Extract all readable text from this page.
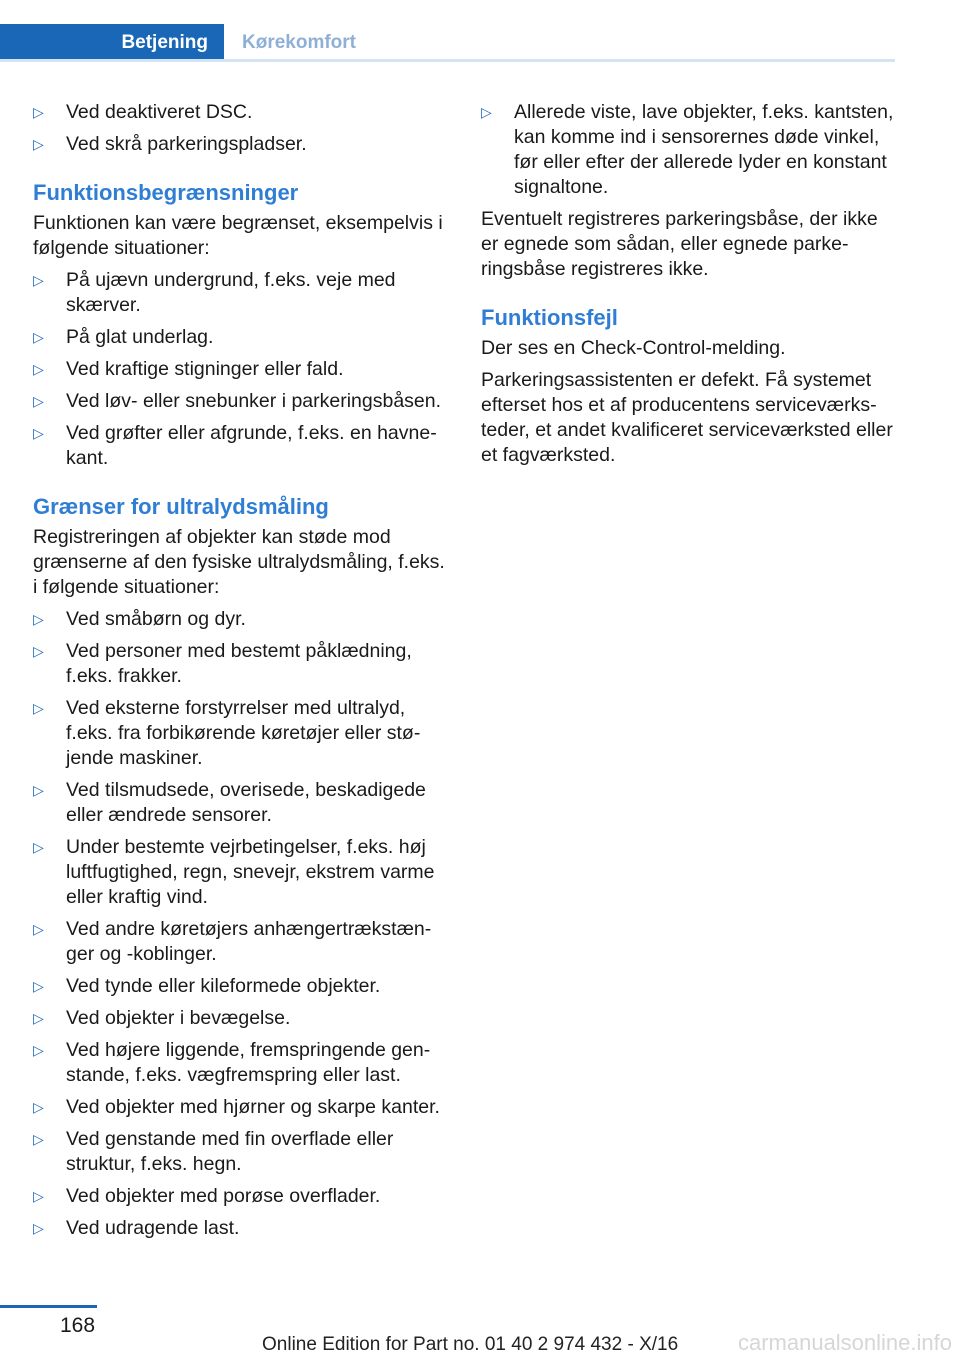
Betjening	Kørekomfort
▷ Ved deaktiveret DSC.
▷ Ved skrå parkeringspladser.
Funktionsbegrænsninger

Funktionen kan være begrænset, eksempelvis i følgende situationer:

▷ På ujævn undergrund, f.eks. veje med skærver.
▷ På glat underlag.
▷ Ved kraftige stigninger eller fald.
▷ Ved løv- eller snebunker i parkeringsbåsen.
▷ Ved grøfter eller afgrunde, f.eks. en havnekant.
Grænser for ultralydsmåling

Registreringen af objekter kan støde mod grænserne af den fysiske ultralydsmåling, f.eks. i følgende situationer:

▷ Ved småbørn og dyr.
▷ Ved personer med bestemt påklædning, f.eks. frakker.
▷ Ved eksterne forstyrrelser med ultralyd, f.eks. fra forbikørende køretøjer eller støjende maskiner.
▷ Ved tilsmudsede, overisede, beskadigede eller ændrede sensorer.
▷ Under bestemte vejrbetingelser, f.eks. høj luftfugtighed, regn, snevejr, ekstrem varme eller kraftig vind.
▷ Ved andre køretøjers anhængertrækstænger og -koblinger.
▷ Ved tynde eller kileformede objekter.
▷ Ved objekter i bevægelse.
▷ Ved højere liggende, fremspringende genstande, f.eks. vægfremspring eller last.
▷ Ved objekter med hjørner og skarpe kanter.
▷ Ved genstande med fin overflade eller struktur, f.eks. hegn.
▷ Ved objekter med porøse overflader.
▷ Ved udragende last.
▷ Allerede viste, lave objekter, f.eks. kantsten, kan komme ind i sensorernes døde vinkel, før eller efter der allerede lyder en konstant signaltone.

Eventuelt registreres parkeringsbåse, der ikke er egnede som sådan, eller egnede parkeringsbåse registreres ikke.

Funktionsfejl

Der ses en Check-Control-melding.

Parkeringsassistenten er defekt. Få systemet efterset hos et af producentens serviceværksteder, et andet kvalificeret serviceværksted eller et fagværksted.

168
Online Edition for Part no. 01 40 2 974 432 - X/16	carmanualsonline.info
